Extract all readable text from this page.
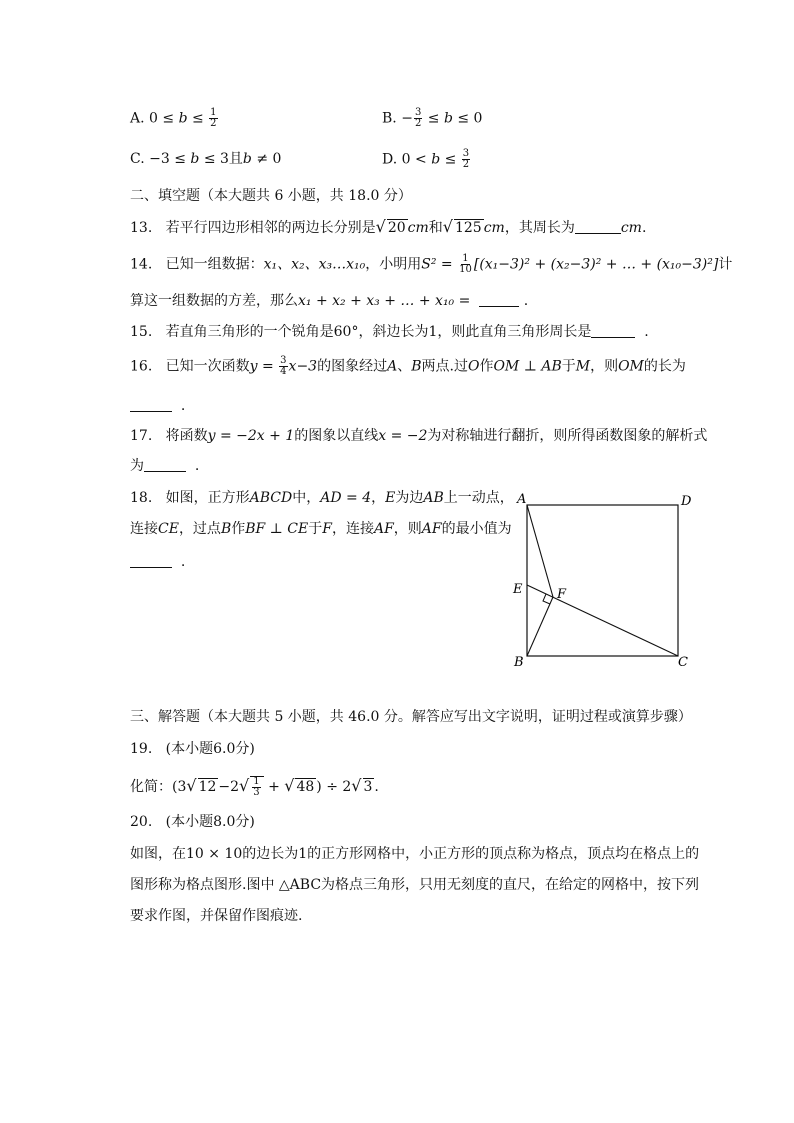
A. $0 \le b \le \frac{1}{2}$	B. − $\frac{3}{2} \le b \le 0$
C. −3 ≤ b ≤ 3且b ≠ 0	D. $0 < b \le \frac{3}{2}$
二、填空题（本大题共 6 小题，共 18.0 分）
13. 若平行四边形相邻的两边长分别是√ 20 cm和√ 125 cm，其周长为	cm.
14. 已知一组数据：x₁、x₂、x₃…x₁₀，小明用$S^2 = \frac{1}{10} [(x_1-3)^2 + (x_2-3)^2$ + … + (x₁₀−3)²]计
算这一组数据的方差，那么x₁ + x₂ + x₃ + … + x₁₀ =	.
15. 若直角三角形的一个锐角是60°，斜边长为1，则此直角三角形周长是	.
16. 已知一次函数$y = \frac{3}{4} x-3$的图象经过A、B两点.过O作OM ⊥ AB于M，则OM的长为
.
17. 将函数y = −2x + 1的图象以直线x = −2为对称轴进行翻折，则所得函数图象的解析式
为	.
18. 如图，正方形ABCD中，AD = 4，E为边AB上一动点，
连接CE，过点B作BF ⊥ CE于F，连接AF，则AF的最小值为
.
A	D
E	F
B	C
三、解答题（本大题共 5 小题，共 46.0 分。解答应写出文字说明，证明过程或演算步骤）
19. (本小题6.0分)
化简：(3√ $12 -2√ \frac{1}{3}$ + √ 48 ) ÷ 2√ 3 .
20. (本小题8.0分)
如图，在10 × 10的边长为1的正方形网格中，小正方形的顶点称为格点，顶点均在格点上的
图形称为格点图形.图中 △ABC为格点三角形，只用无刻度的直尺，在给定的网格中，按下列
要求作图，并保留作图痕迹.
